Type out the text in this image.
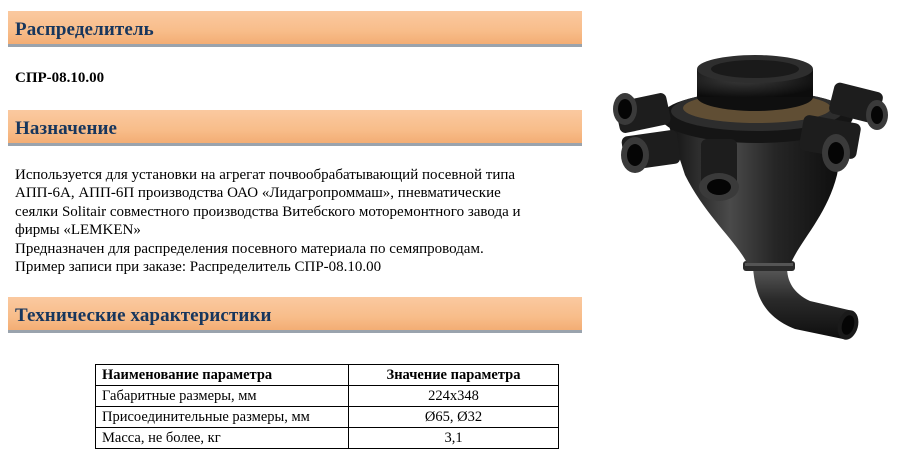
Распределитель
СПР-08.10.00
Назначение

Используется для установки на агрегат почвообрабатывающий посевной типа

АПП-6А, АПП-6П производства ОАО «Лидагропроммаш», пневматические

сеялки Solitair совместного производства Витебского моторемонтного завода и

фирмы «LEMKEN»

Предназначен для распределения посевного материала по семяпроводам.

Пример записи при заказе: Распределитель СПР-08.10.00

Технические характеристики
Наименование параметра	Значение параметра
Габаритные размеры, мм	224х348
Присоединительные размеры, мм	Ø65, Ø32
Масса, не более, кг	3,1
